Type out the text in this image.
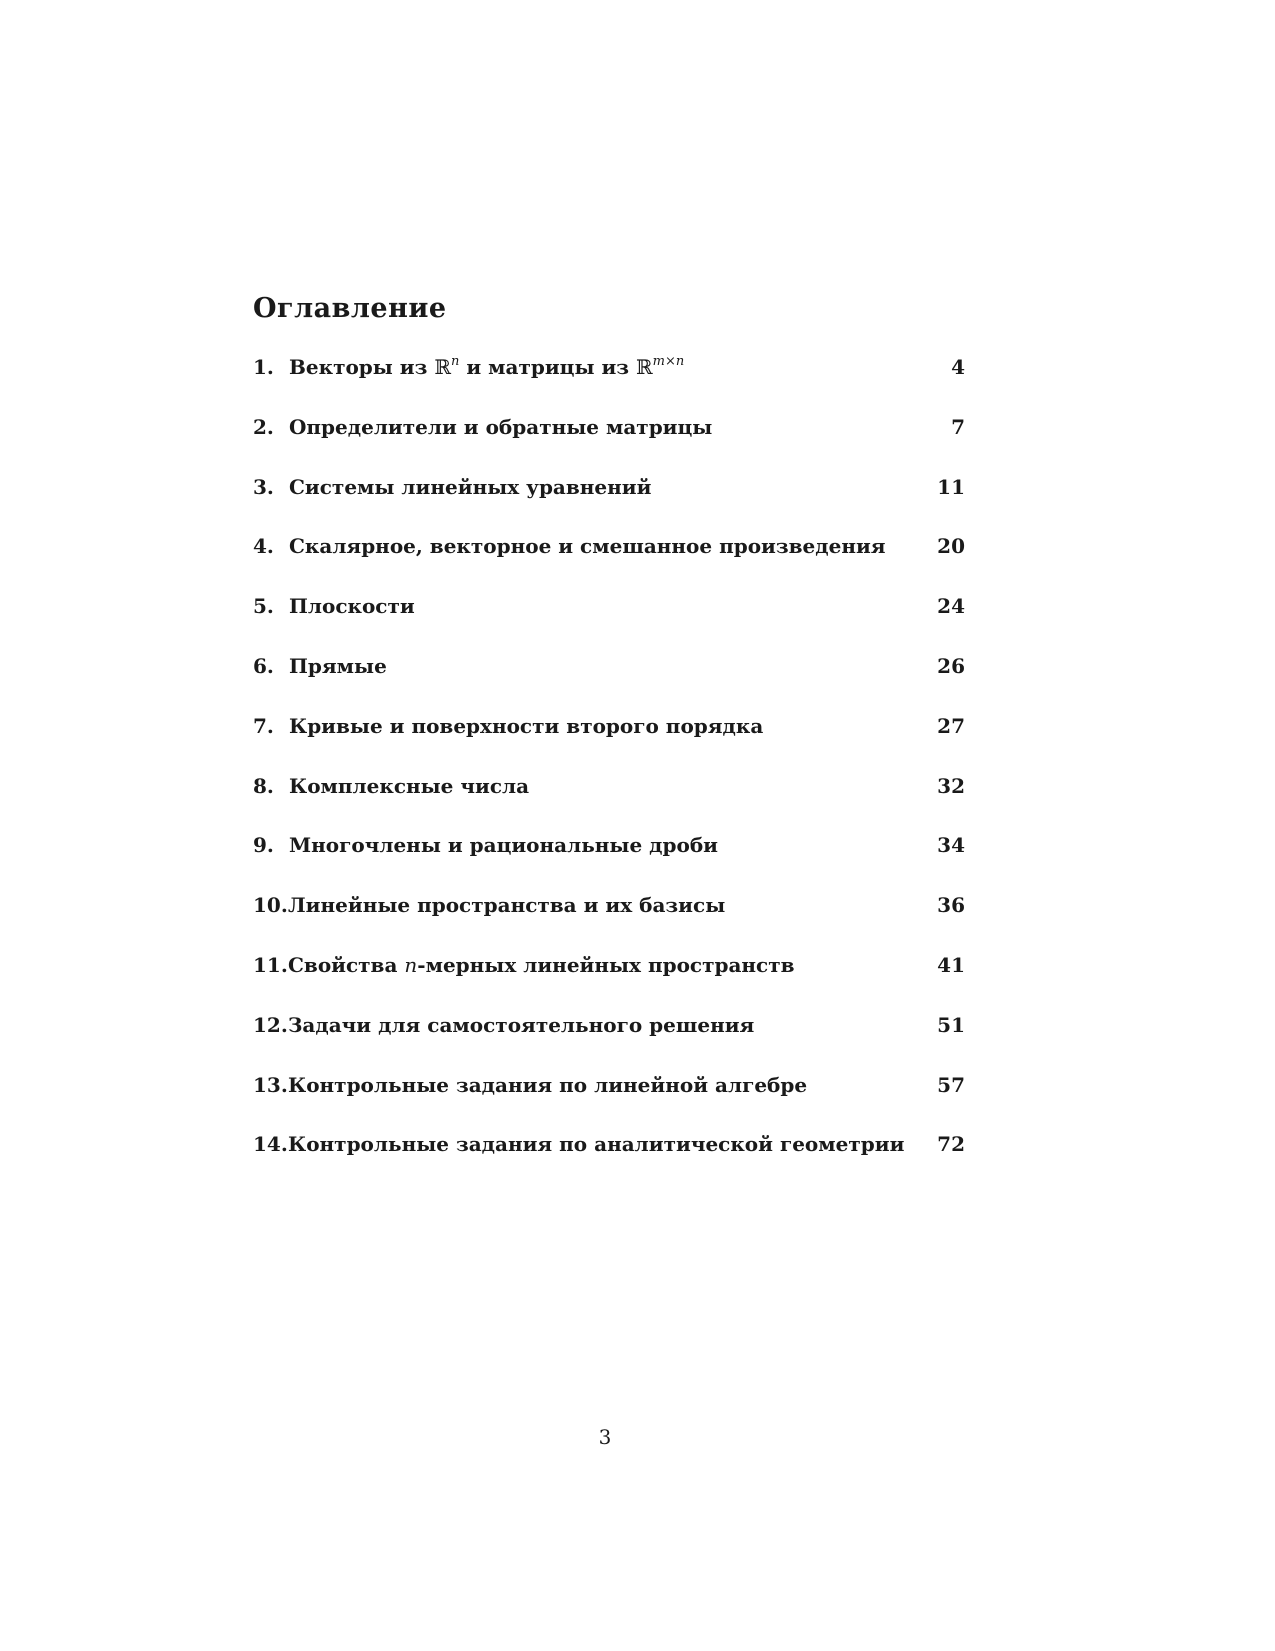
Оглавление
1. Векторы из ℝ$^n$ и матрицы из ℝ$^{m\times n}$	4
2. Определители и обратные матрицы	7
3. Системы линейных уравнений	11
4. Скалярное, векторное и смешанное произведения	20
5. Плоскости	24
6. Прямые	26
7. Кривые и поверхности второго порядка	27
8. Комплексные числа	32
9. Многочлены и рациональные дроби	34
10. Линейные пространства и их базисы	36
11. Свойства n-мерных линейных пространств	41
12. Задачи для самостоятельного решения	51
13. Контрольные задания по линейной алгебре	57
14. Контрольные задания по аналитической геометрии 72
3
